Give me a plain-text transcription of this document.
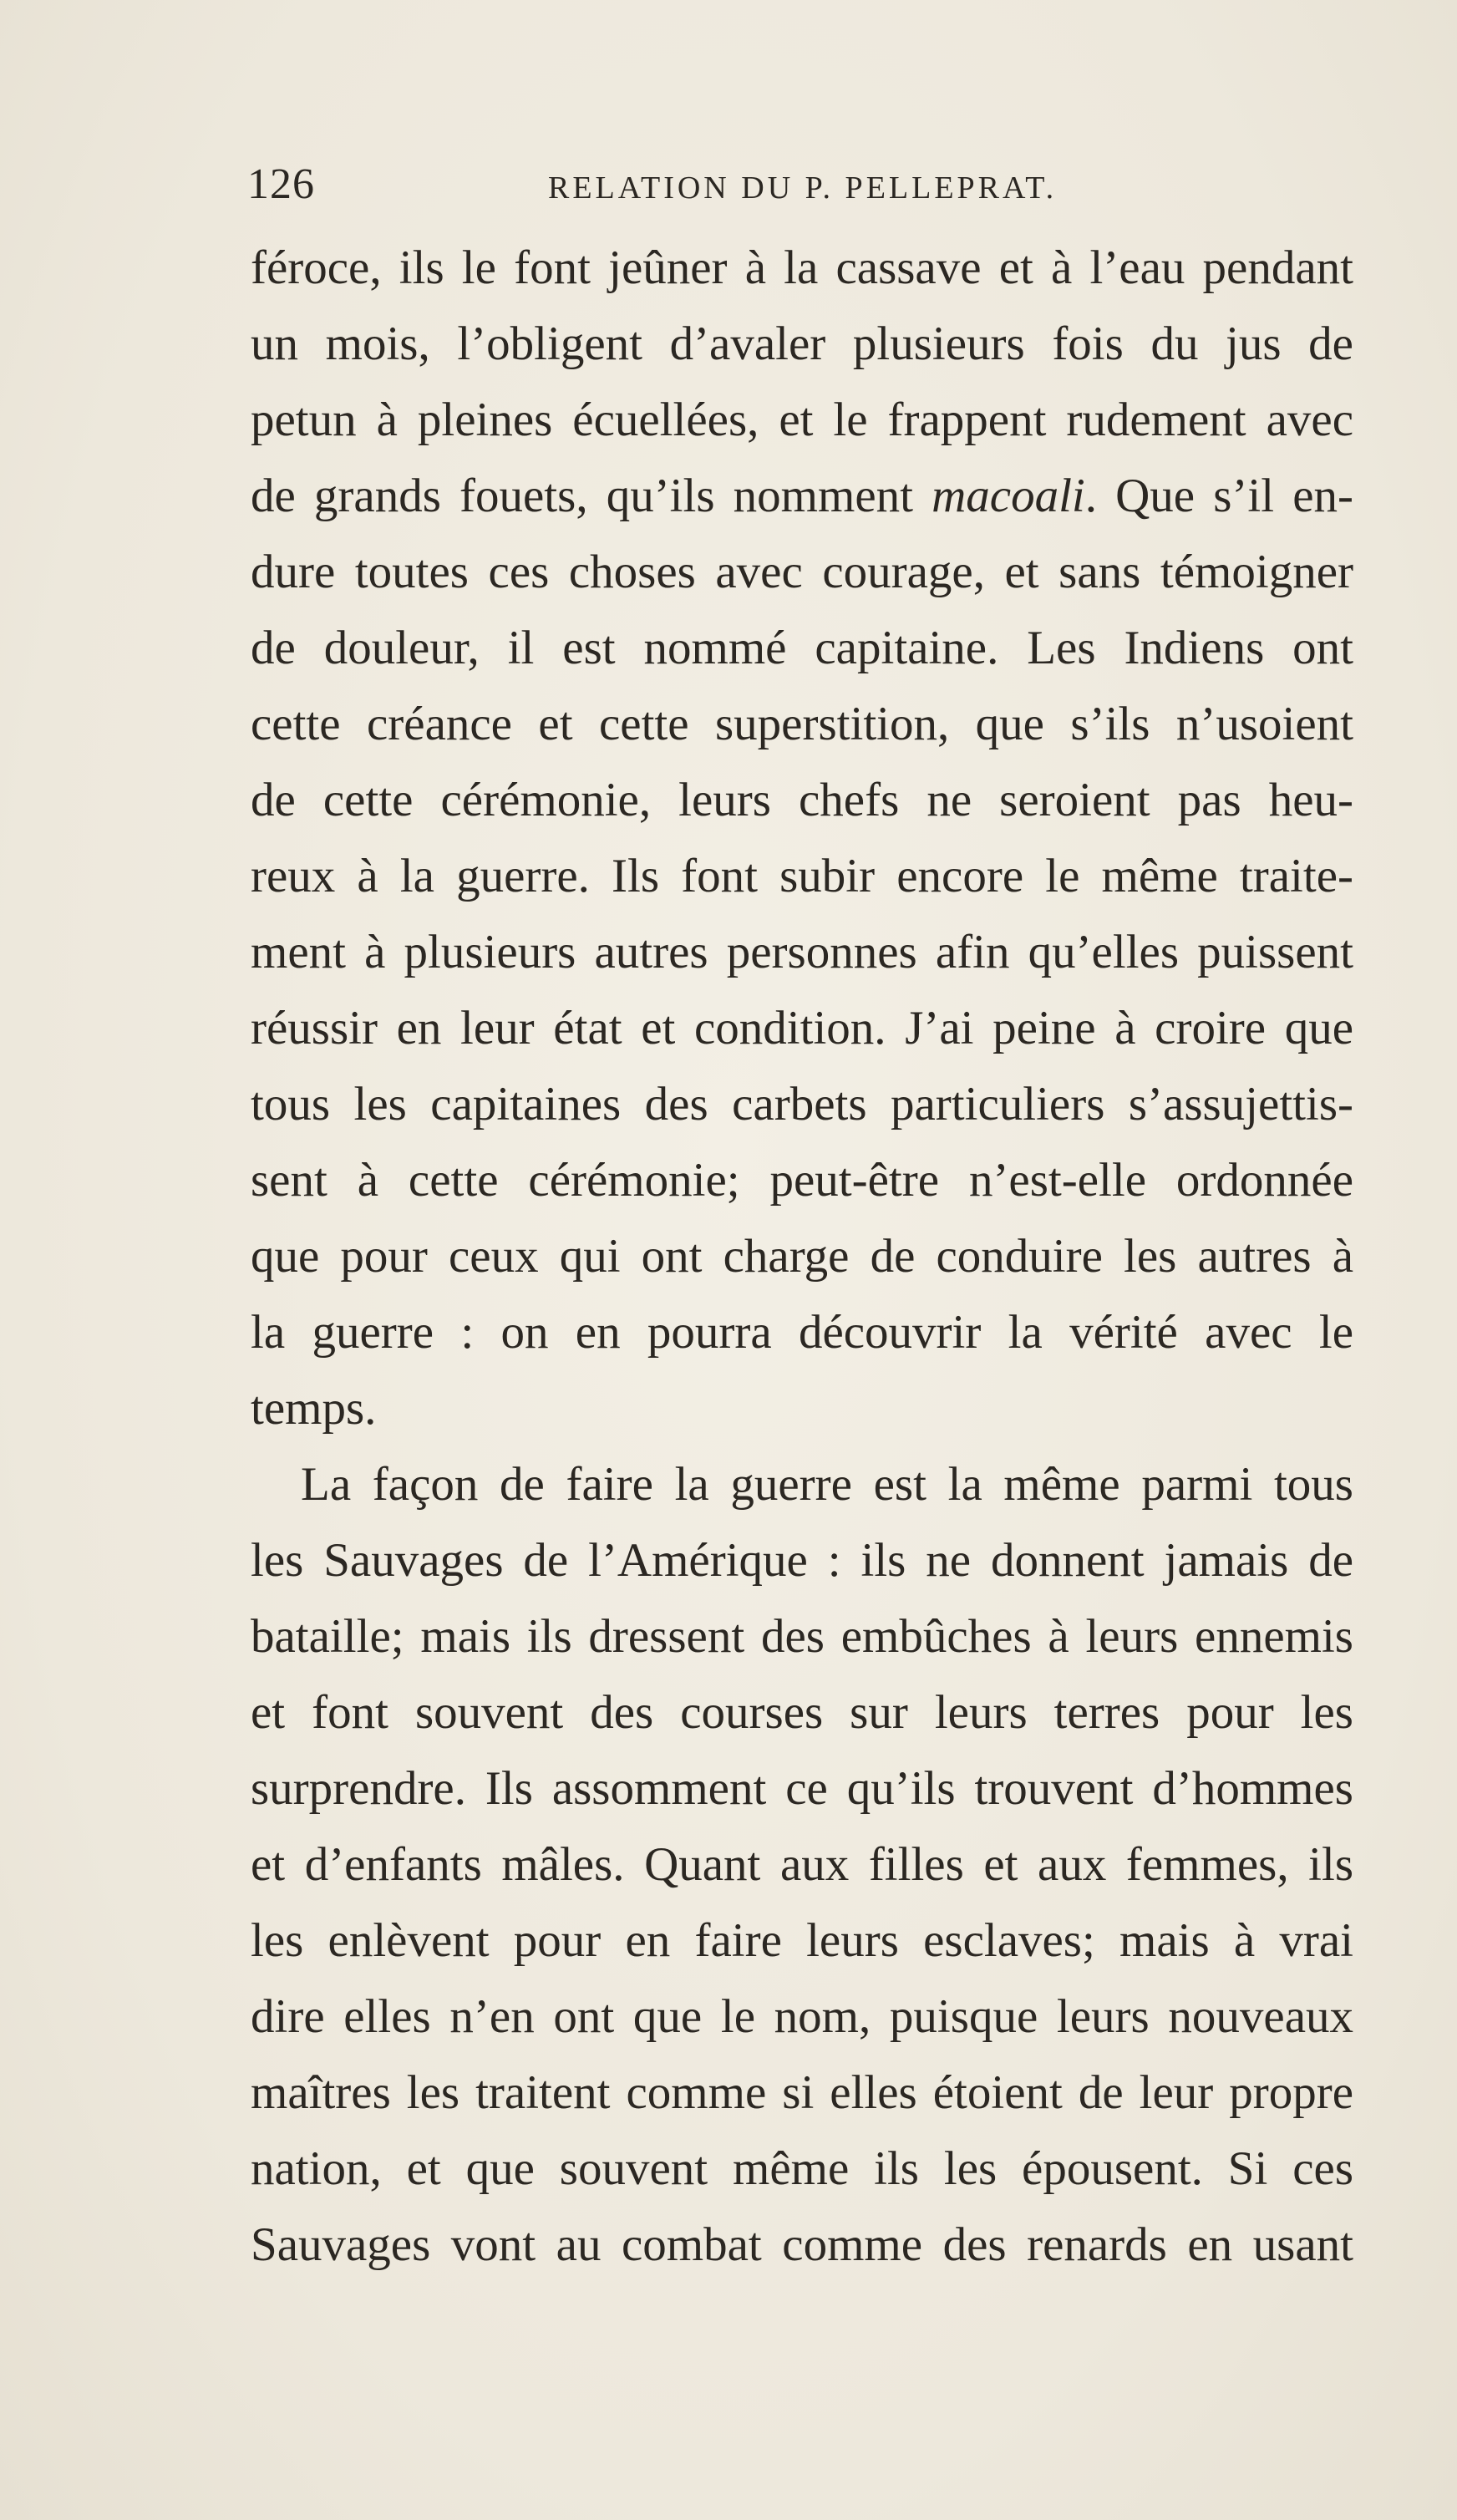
126	RELATION DU P. PELLEPRAT.
féroce, ils le font jeûner à la cassave et à l’eau pendant
un mois, l’obligent d’avaler plusieurs fois du jus de
petun à pleines écuellées, et le frappent rudement avec
de grands fouets, qu’ils nomment macoali. Que s’il en-
dure toutes ces choses avec courage, et sans témoigner
de douleur, il est nommé capitaine. Les Indiens ont
cette créance et cette superstition, que s’ils n’usoient
de cette cérémonie, leurs chefs ne seroient pas heu-
reux à la guerre. Ils font subir encore le même traite-
ment à plusieurs autres personnes afin qu’elles puissent
réussir en leur état et condition. J’ai peine à croire que
tous les capitaines des carbets particuliers s’assujettis-
sent à cette cérémonie; peut-être n’est-elle ordonnée
que pour ceux qui ont charge de conduire les autres à
la guerre : on en pourra découvrir la vérité avec le
temps.
La façon de faire la guerre est la même parmi tous
les Sauvages de l’Amérique : ils ne donnent jamais de
bataille; mais ils dressent des embûches à leurs ennemis
et font souvent des courses sur leurs terres pour les
surprendre. Ils assomment ce qu’ils trouvent d’hommes
et d’enfants mâles. Quant aux filles et aux femmes, ils
les enlèvent pour en faire leurs esclaves; mais à vrai
dire elles n’en ont que le nom, puisque leurs nouveaux
maîtres les traitent comme si elles étoient de leur propre
nation, et que souvent même ils les épousent. Si ces
Sauvages vont au combat comme des renards en usant
